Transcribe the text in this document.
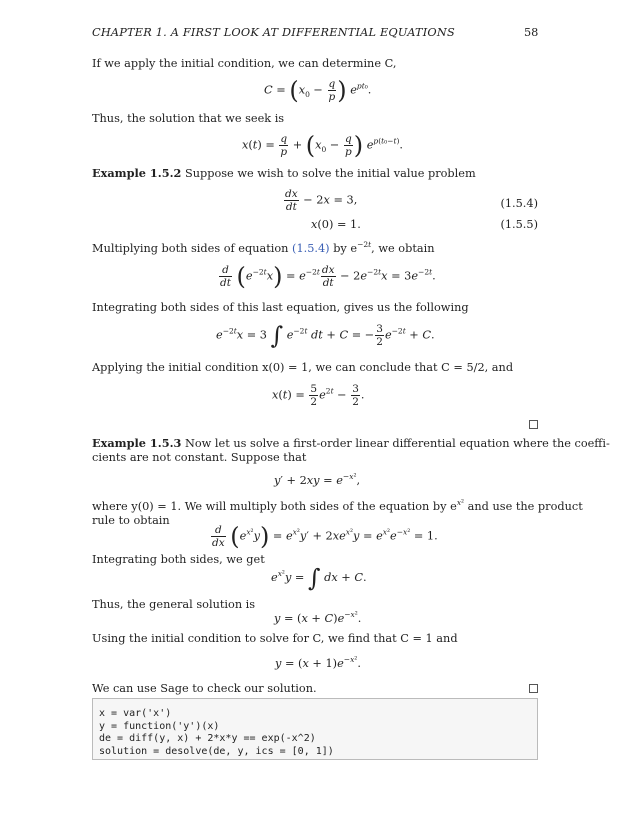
CHAPTER 1. A FIRST LOOK AT DIFFERENTIAL EQUATIONS	58
If we apply the initial condition, we can determine C,
$C = (x_0 - \frac{q}{p}$ ) $e^{pt_0}$.
Thus, the solution that we seek is
$x(t) = \frac{q}{p} + (x_0 - \frac{q}{p}$ ) $e^{p(t_0-t)}$.
Example 1.5.2 Suppose we wish to solve the initial value problem
$\frac{dx}{dt} - 2x = 3$,	(1.5.4)
x(0) = 1.	(1.5.5)
Multiplying both sides of equation (1.5.4) by $e^{-2t}$, we obtain
$\frac{d}{dt} (e^{-2t}x) = e^{-2t} \frac{dx}{dt} - 2e^{-2t}x = 3e^{-2t}$.
Integrating both sides of this last equation, gives us the following
$e^{-2t}x = 3$ ∫ $e^{-2t}$ dt + C = − $\frac{3}{2} e^{-2t} + C$.
Applying the initial condition x(0) = 1, we can conclude that C = 5/2, and
$x(t) = \frac{5}{2} e^{2t} - \frac{3}{2}$ .
Example 1.5.3 Now let us solve a first-order linear differential equation where the coeffi-
cients are not constant. Suppose that
$y' + 2xy = e^{-x^2}$,
where y(0) = 1. We will multiply both sides of the equation by $e^{x^2}$ and use the product
rule to obtain
$\frac{d}{dx} (e^{x^2}y) = e^{x^2}y' + 2xe^{x^2}y = e^{x^2}e^{-x^2} = 1$.
Integrating both sides, we get
$e^{x^2}y$ = ∫ dx + C.
Thus, the general solution is
$y = (x + C)e^{-x^2}$.
Using the initial condition to solve for C, we find that C = 1 and
$y = (x + 1)e^{-x^2}$.
We can use Sage to check our solution.
x = var('x')
y = function('y')(x)
de = diff(y, x) + 2*x*y == exp(-x^2)
solution = desolve(de, y, ics = [0, 1])
